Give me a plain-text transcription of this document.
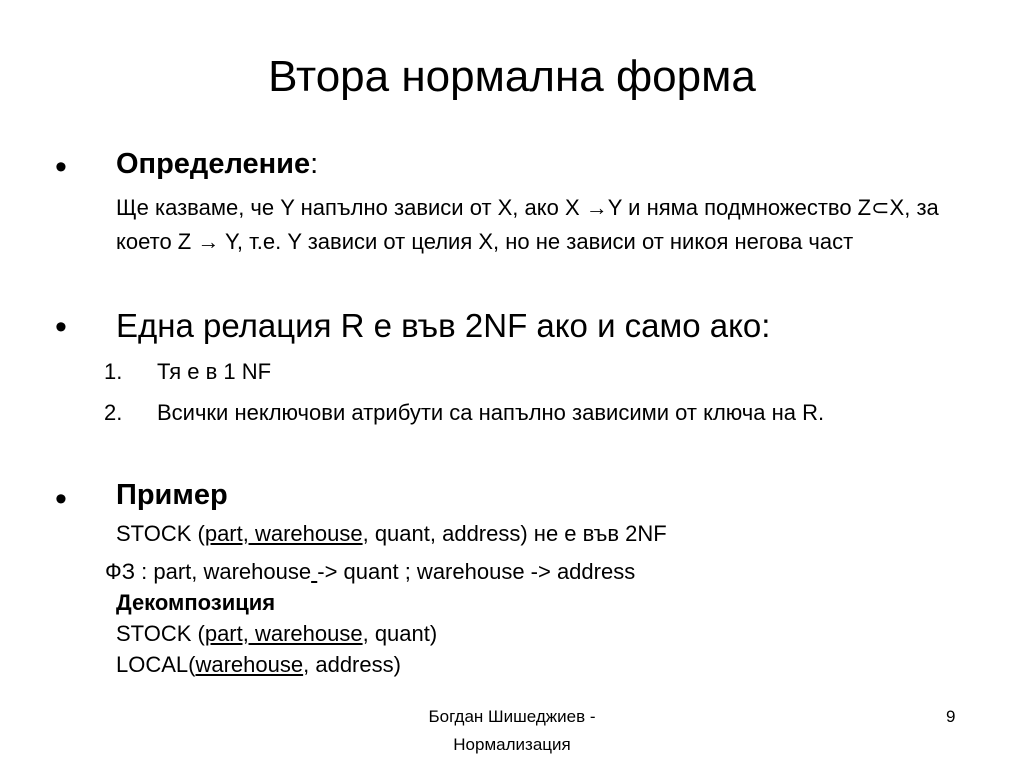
Втора нормална форма
• Определение:
Ще казваме, че Y напълно зависи от X, ако X →Y и няма подмножество Z⊂X, за което Z → Y, т.е. Y зависи от целия X, но не зависи от никоя негова част
• Една релация R е във 2NF ако и само ако:
1. Тя е в 1 NF
2. Всички неключови атрибути са напълно зависими от ключа на R.
• Пример
STOCK (part, warehouse, quant, address) не е във 2NF
ФЗ : part, warehouse -> quant ; warehouse -> address
Декомпозиция
STOCK (part, warehouse, quant)
LOCAL(warehouse, address)
Богдан Шишеджиев -
Нормализация
9
